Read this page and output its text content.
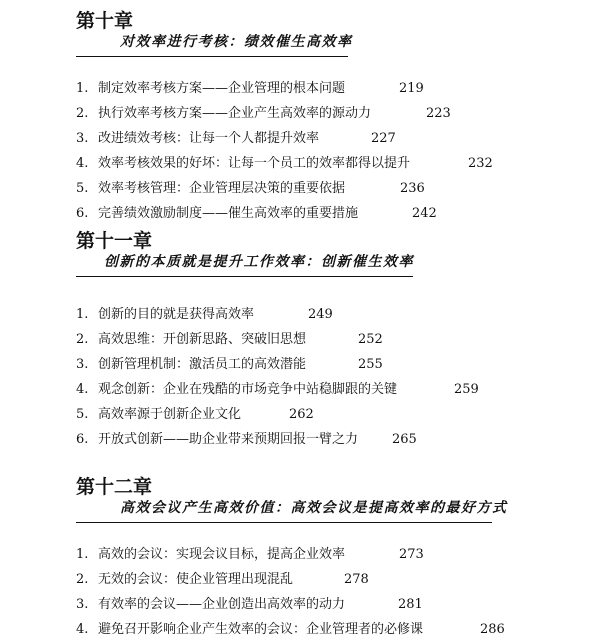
第十章
对效率进行考核：绩效催生高效率
1. 制定效率考核方案——企业管理的根本问题	219
2. 执行效率考核方案——企业产生高效率的源动力	223
3. 改进绩效考核：让每一个人都提升效率	227
4. 效率考核效果的好坏：让每一个员工的效率都得以提升	232
5. 效率考核管理：企业管理层决策的重要依据	236
6. 完善绩效激励制度——催生高效率的重要措施	242
第十一章
创新的本质就是提升工作效率：创新催生效率
1. 创新的目的就是获得高效率	249
2. 高效思维：开创新思路、突破旧思想	252
3. 创新管理机制：激活员工的高效潜能	255
4. 观念创新：企业在残酷的市场竞争中站稳脚跟的关键	259
5. 高效率源于创新企业文化	262
6. 开放式创新——助企业带来预期回报一臂之力	265
第十二章
高效会议产生高效价值：高效会议是提高效率的最好方式
1. 高效的会议：实现会议目标，提高企业效率	273
2. 无效的会议：使企业管理出现混乱	278
3. 有效率的会议——企业创造出高效率的动力	281
4. 避免召开影响企业产生效率的会议：企业管理者的必修课	286
